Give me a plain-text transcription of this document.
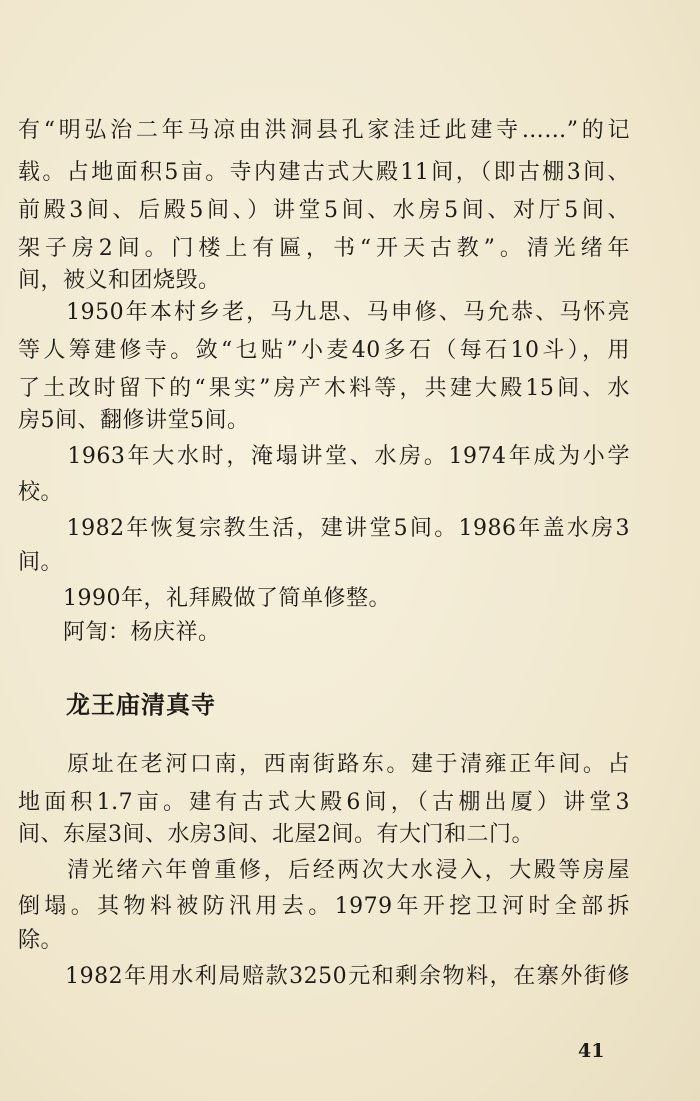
有“明弘治二年马凉由洪洞县孔家洼迁此建寺……”的记
载。占地面积5亩。寺内建古式大殿11间，（即古棚3间、
前殿3间、后殿5间、）讲堂5间、水房5间、对厅5间、
架子房2间。门楼上有匾，书“开天古教”。清光绪年
间，被义和团烧毁。
　　1950年本村乡老，马九思、马申修、马允恭、马怀亮
等人筹建修寺。敛“乜贴”小麦40多石（每石10斗），用
了土改时留下的“果实”房产木料等，共建大殿15间、水
房5间、翻修讲堂5间。
　　1963年大水时，淹塌讲堂、水房。1974年成为小学
校。
　　1982年恢复宗教生活，建讲堂5间。1986年盖水房3
间。
　　1990年，礼拜殿做了简单修整。
　　阿訇：杨庆祥。
龙王庙清真寺
　　原址在老河口南，西南街路东。建于清雍正年间。占
地面积1.7亩。建有古式大殿6间，（古棚出厦）讲堂3
间、东屋3间、水房3间、北屋2间。有大门和二门。
　　清光绪六年曾重修，后经两次大水浸入，大殿等房屋
倒塌。其物料被防汛用去。1979年开挖卫河时全部拆
除。
　　1982年用水利局赔款3250元和剩余物料，在寨外街修
41
